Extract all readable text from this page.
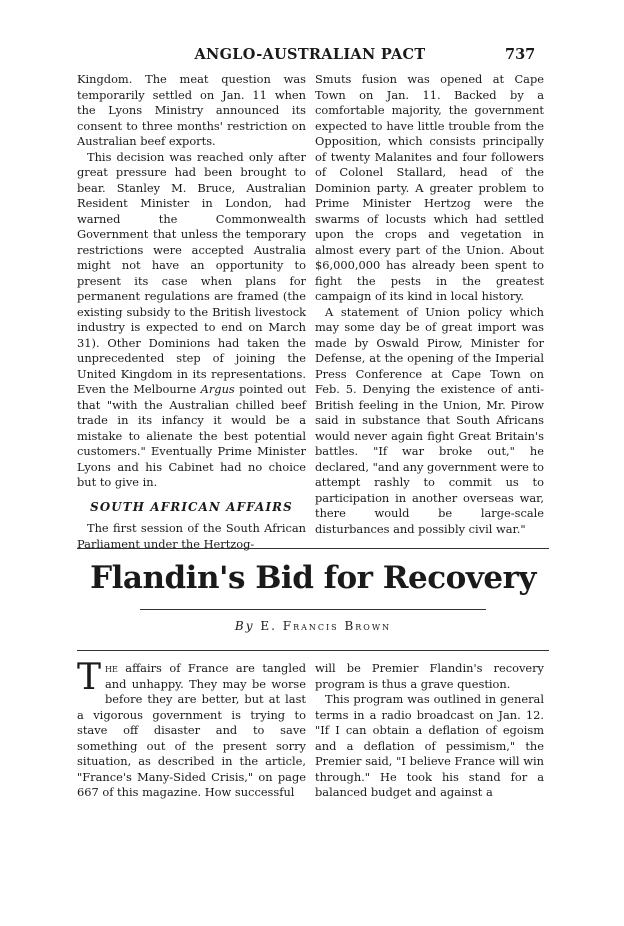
ANGLO-AUSTRALIAN PACT	737

Kingdom. The meat question was temporarily settled on Jan. 11 when the Lyons Ministry announced its consent to three months' restriction on Australian beef exports.

This decision was reached only after great pressure had been brought to bear. Stanley M. Bruce, Australian Resident Minister in London, had warned the Commonwealth Government that unless the temporary restrictions were accepted Australia might not have an opportunity to present its case when plans for permanent regulations are framed (the existing subsidy to the British livestock industry is expected to end on March 31). Other Dominions had taken the unprecedented step of joining the United Kingdom in its representations. Even the Melbourne Argus pointed out that "with the Australian chilled beef trade in its infancy it would be a mistake to alienate the best potential customers." Eventually Prime Minister Lyons and his Cabinet had no choice but to give in.

SOUTH AFRICAN AFFAIRS

The first session of the South African Parliament under the Hertzog-

Smuts fusion was opened at Cape Town on Jan. 11. Backed by a comfortable majority, the government expected to have little trouble from the Opposition, which consists principally of twenty Malanites and four followers of Colonel Stallard, head of the Dominion party. A greater problem to Prime Minister Hertzog were the swarms of locusts which had settled upon the crops and vegetation in almost every part of the Union. About $6,000,000 has already been spent to fight the pests in the greatest campaign of its kind in local history.

A statement of Union policy which may some day be of great import was made by Oswald Pirow, Minister for Defense, at the opening of the Imperial Press Conference at Cape Town on Feb. 5. Denying the existence of anti-British feeling in the Union, Mr. Pirow said in substance that South Africans would never again fight Great Britain's battles. "If war broke out," he declared, "and any government were to attempt rashly to commit us to participation in another overseas war, there would be large-scale disturbances and possibly civil war."

Flandin's Bid for Recovery
By E. Francis Brown

The affairs of France are tangled and unhappy. They may be worse before they are better, but at last a vigorous government is trying to stave off disaster and to save something out of the present sorry situation, as described in the article, "France's Many-Sided Crisis," on page 667 of this magazine. How successful

will be Premier Flandin's recovery program is thus a grave question.

This program was outlined in general terms in a radio broadcast on Jan. 12. "If I can obtain a deflation of egoism and a deflation of pessimism," the Premier said, "I believe France will win through." He took his stand for a balanced budget and against a
